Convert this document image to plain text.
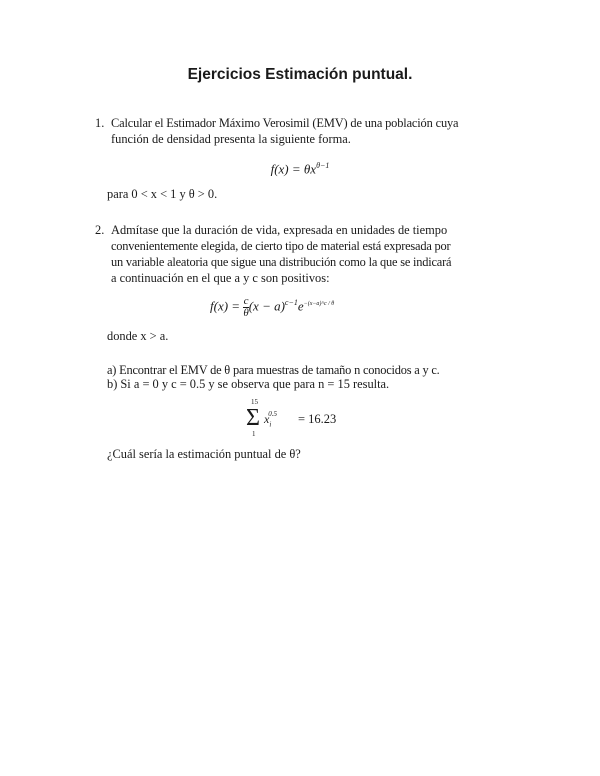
Ejercicios Estimación puntual.
1. Calcular el Estimador Máximo Verosimil (EMV) de una población cuya
función de densidad presenta la siguiente forma.
$f(x) = \theta x^{\theta-1}$
para 0 < x < 1 y θ > 0.
2. Admítase que la duración de vida, expresada en unidades de tiempo
convenientemente elegida, de cierto tipo de material está expresada por
un variable aleatoria que sigue una distribución como la que se indicará
a continuación en el que a y c son positivos:
$f(x) = \frac{c}{\theta} (x - a)^{c-1}e^{-(x-a)\^{}c / \theta}$
donde x > a.
a) Encontrar el EMV de θ para muestras de tamaño n conocidos a y c.
b) Si a = 0 y c = 0.5 y se observa que para n = 15 resulta.
15
Σ
1
$x_i^{0.5} = 16.23$
¿Cuál sería la estimación puntual de θ?
